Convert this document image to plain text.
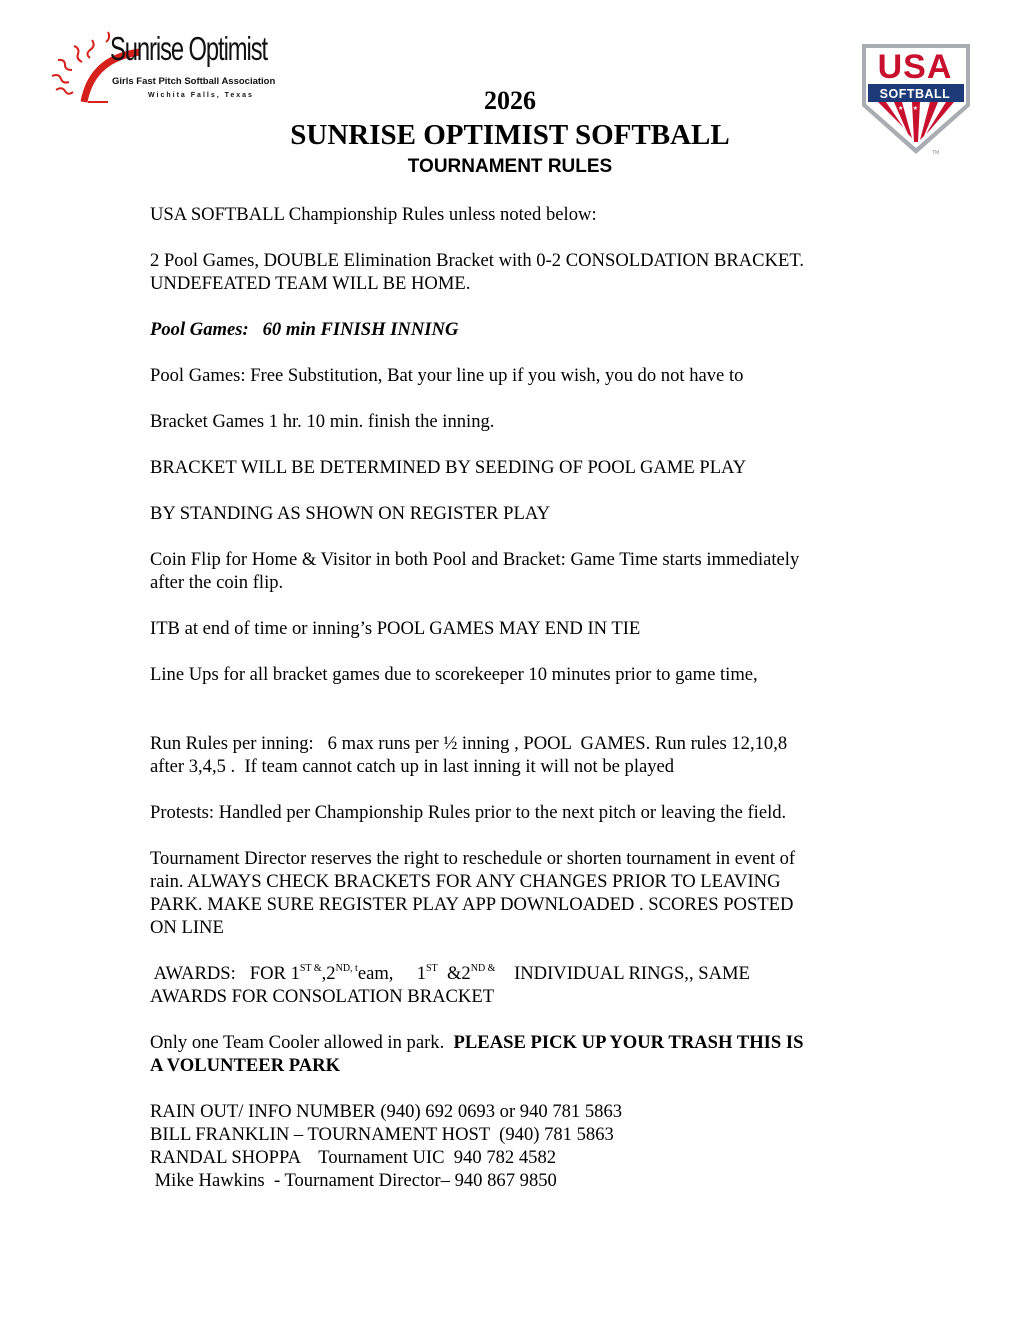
Sunrise Optimist
Girls Fast Pitch Softball Association
Wichita Falls, Texas
★ ★ ★ ★
USA
SOFTBALL
TM
2026
SUNRISE OPTIMIST SOFTBALL
TOURNAMENT RULES

USA SOFTBALL Championship Rules unless noted below:

2 Pool Games, DOUBLE Elimination Bracket with 0-2 CONSOLDATION BRACKET.
UNDEFEATED TEAM WILL BE HOME.

Pool Games:   60 min FINISH INNING

Pool Games: Free Substitution, Bat your line up if you wish, you do not have to

Bracket Games 1 hr. 10 min. finish the inning.

BRACKET WILL BE DETERMINED BY SEEDING OF POOL GAME PLAY

BY STANDING AS SHOWN ON REGISTER PLAY

Coin Flip for Home & Visitor in both Pool and Bracket: Game Time starts immediately
after the coin flip.

ITB at end of time or inning’s POOL GAMES MAY END IN TIE

Line Ups for all bracket games due to scorekeeper 10 minutes prior to game time,

Run Rules per inning:   6 max runs per ½ inning , POOL  GAMES. Run rules 12,10,8
after 3,4,5 .  If team cannot catch up in last inning it will not be played

Protests: Handled per Championship Rules prior to the next pitch or leaving the field.

Tournament Director reserves the right to reschedule or shorten tournament in event of
rain. ALWAYS CHECK BRACKETS FOR ANY CHANGES PRIOR TO LEAVING
PARK. MAKE SURE REGISTER PLAY APP DOWNLOADED . SCORES POSTED
ON LINE

AWARDS:   FOR $1^{ST \&},2^{ND, t}eam$,     1ST  $\&2^{ND \&}$    INDIVIDUAL RINGS,, SAME
AWARDS FOR CONSOLATION BRACKET

Only one Team Cooler allowed in park.  PLEASE PICK UP YOUR TRASH THIS IS
A VOLUNTEER PARK

RAIN OUT/ INFO NUMBER (940) 692 0693 or 940 781 5863
BILL FRANKLIN – TOURNAMENT HOST  (940) 781 5863
RANDAL SHOPPA    Tournament UIC  940 782 4582
Mike Hawkins  - Tournament Director– 940 867 9850
